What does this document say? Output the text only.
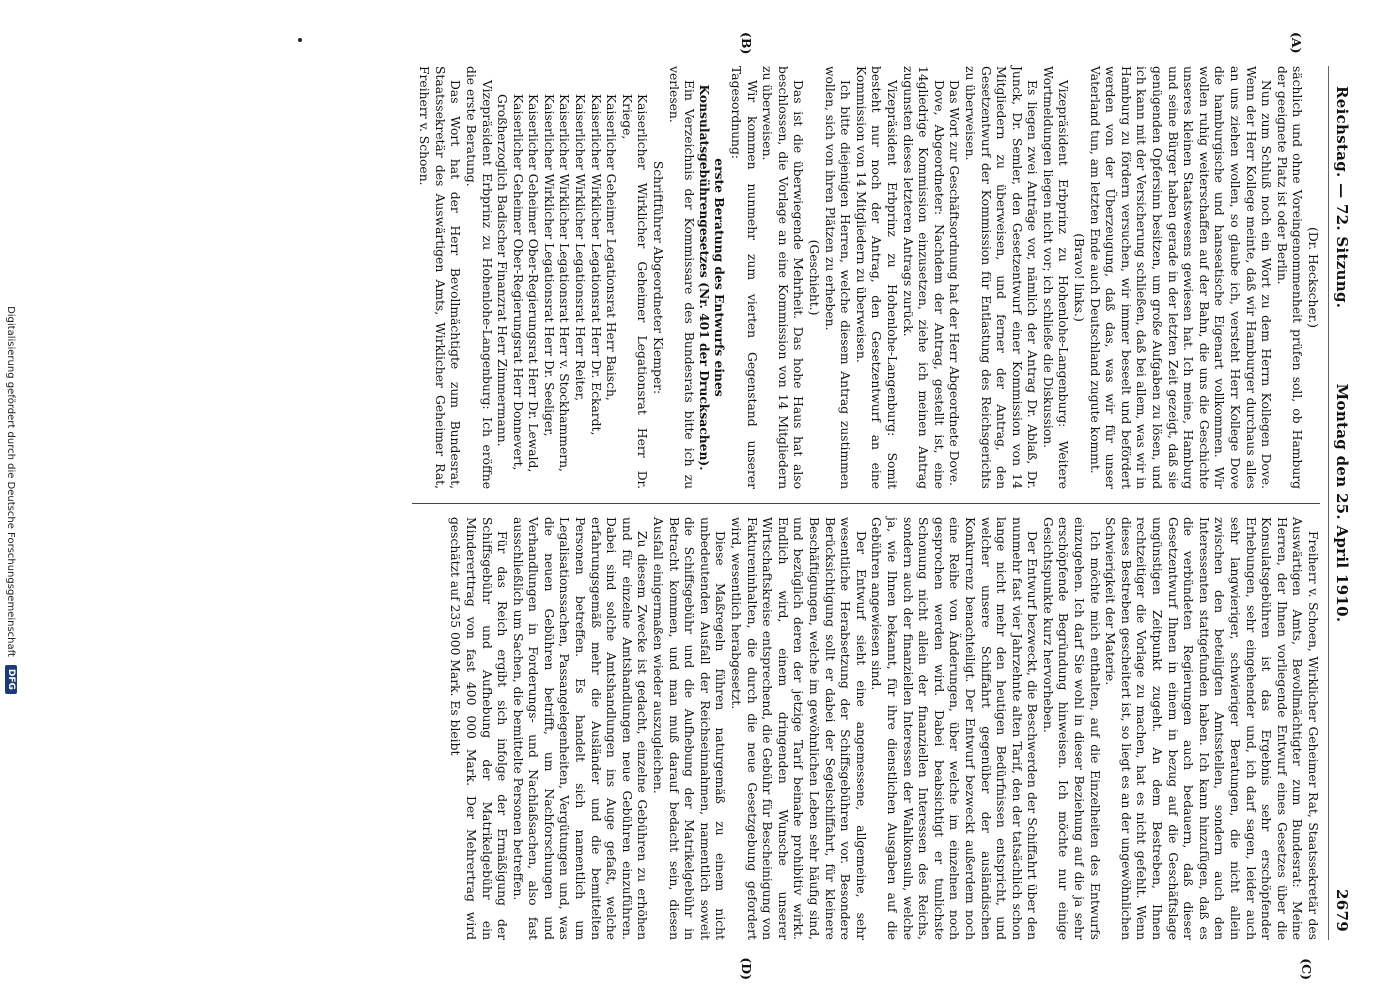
Reichstag. — 72. Sitzung.
Montag den 25. April 1910.
2679
(A)
(B)
(C)
(D)

(Dr. Heckscher.)

sächlich und ohne Voreingenommenheit prüfen soll, ob Hamburg der geeignete Platz ist oder Berlin.

Nun zum Schluß noch ein Wort zu dem Herrn Kollegen Dove. Wenn der Herr Kollege meinte, daß wir Hamburger durchaus alles an uns ziehen wollen, so glaube ich, versteht Herr Kollege Dove die hamburgische und hanseatische Eigenart vollkommen. Wir wollen ruhig weiterschaffen auf der Bahn, die uns die Geschichte unseres kleinen Staatswesens gewiesen hat. Ich meine, Hamburg und seine Bürger haben gerade in der letzten Zeit gezeigt, daß sie genügenden Opfersinn besitzen, um große Aufgaben zu lösen, und ich kann mit der Versicherung schließen, daß bei allem, was wir in Hamburg zu fördern versuchen, wir immer beseelt und befördert werden von der Überzeugung, daß das, was wir für unser Vaterland tun, am letzten Ende auch Deutschland zugute kommt.

(Bravo! links.)

Vizepräsident Erbprinz zu Hohenlohe-Langenburg: Weitere Wortmeldungen liegen nicht vor; ich schließe die Diskussion.

Es liegen zwei Anträge vor, nämlich der Antrag Dr. Ablaß, Dr. Junck, Dr. Semler, den Gesetzentwurf einer Kommission von 14 Mitgliedern zu überweisen, und ferner der Antrag, den Gesetzentwurf der Kommission für Entlastung des Reichsgerichts zu überweisen.

Das Wort zur Geschäftsordnung hat der Herr Abgeordnete Dove.

Dove, Abgeordneter: Nachdem der Antrag, gestellt ist, eine 14gliedrige Kommission einzusetzen, ziehe ich meinen Antrag zugunsten dieses letzteren Antrags zurück.

Vizepräsident Erbprinz zu Hohenlohe-Langenburg: Somit besteht nur noch der Antrag, den Gesetzentwurf an eine Kommission von 14 Mitgliedern zu überweisen.

Ich bitte diejenigen Herren, welche diesem Antrag zustimmen wollen, sich von ihren Plätzen zu erheben.

(Geschieht.)

Das ist die überwiegende Mehrheit. Das hohe Haus hat also beschlossen, die Vorlage an eine Kommission von 14 Mitgliedern zu überweisen.

Wir kommen nunmehr zum vierten Gegenstand unserer Tagesordnung:

erste Beratung des Entwurfs eines Konsulatsgebührengesetzes (Nr. 401 der Drucksachen).

Ein Verzeichnis der Kommissare des Bundesrats bitte ich zu verlesen.

Schriftführer Abgeordneter Kiemper:

Kaiserlicher Wirklicher Geheimer Legationsrat Herr Dr. Kriege,

Kaiserlicher Geheimer Legationsrat Herr Baisch,

Kaiserlicher Wirklicher Legationsrat Herr Dr. Eckardt,

Kaiserlicher Wirklicher Legationsrat Herr Reiter,

Kaiserlicher Wirklicher Legationsrat Herr v. Stockhammern,

Kaiserlicher Wirklicher Legationsrat Herr Dr. Seeliger,

Kaiserlicher Geheimer Ober-Regierungsrat Herr Dr. Lewald,

Kaiserlicher Geheimer Ober-Regierungsrat Herr Donnevert,

Großherzoglich Badischer Finanzrat Herr Zimmermann.

Vizepräsident Erbprinz zu Hohenlohe-Langenburg: Ich eröffne die erste Beratung.

Das Wort hat der Herr Bevollmächtigte zum Bundesrat, Staatssekretär des Auswärtigen Amts, Wirklicher Geheimer Rat, Freiherr v. Schoen.

Freiherr v. Schoen, Wirklicher Geheimer Rat, Staatssekretär des Auswärtigen Amts, Bevollmächtigter zum Bundesrat: Meine Herren, der Ihnen vorliegende Entwurf eines Gesetzes über die Konsulatsgebühren ist das Ergebnis sehr erschöpfender Erhebungen, sehr eingehender und, ich darf sagen, leider auch sehr langwieriger, schwieriger Beratungen, die nicht allein zwischen den beteiligten Amtsstellen, sondern auch den Interessenten stattgefunden haben. Ich kann hinzufügen, daß es die verbündeten Regierungen auch bedauern, daß dieser Gesetzentwurf Ihnen in einem in bezug auf die Geschäftslage ungünstigen Zeitpunkt zugeht. An dem Bestreben, Ihnen rechtzeitiger die Vorlage zu machen, hat es nicht gefehlt. Wenn dieses Bestreben gescheitert ist, so liegt es an der ungewöhnlichen Schwierigkeit der Materie.

Ich möchte mich enthalten, auf die Einzelheiten des Entwurfs einzugehen. Ich darf Sie wohl in dieser Beziehung auf die ja sehr erschöpfende Begründung hinweisen. Ich möchte nur einige Gesichtspunkte kurz hervorheben.

Der Entwurf bezweckt, die Beschwerden der Schiffahrt über den nunmehr fast vier Jahrzehnte alten Tarif, den der tatsächlich schon lange nicht mehr den heutigen Bedürfnissen entspricht, und welcher unsere Schiffahrt gegenüber der ausländischen Konkurrenz benachteiligt. Der Entwurf bezweckt außerdem noch eine Reihe von Änderungen, über welche im einzelnen noch gesprochen werden wird. Dabei beabsichtigt er tunlichste Schonung nicht allein der finanziellen Interessen des Reichs, sondern auch der finanziellen Interessen der Wahlkonsuln, welche ja, wie Ihnen bekannt, für ihre dienstlichen Ausgaben auf die Gebühren angewiesen sind.

Der Entwurf sieht eine angemessene, allgemeine, sehr wesentliche Herabsetzung der Schiffsgebühren vor. Besondere Berücksichtigung sollt er dabei der Segelschiffahrt, für kleinere Beschäftigungen, welche im gewöhnlichen Leben sehr häufig sind, und bezüglich deren der jetzige Tarif beinahe prohibitiv wirkt. Endlich wird, einem dringenden Wunsche unserer Wirtschaftskreise entsprechend, die Gebühr für Bescheinigung von Faktureninhalten, die durch die neue Gesetzgebung gefordert wird, wesentlich herabgesetzt.

Diese Maßregeln führen naturgemäß zu einem nicht unbedeutenden Ausfall der Reichseinnahmen, namentlich soweit die Schiffsgebühr und die Aufhebung der Matrikelgebühr in Betracht kommen, und man muß darauf bedacht sein, diesen Ausfall einigermaßen wieder auszugleichen.

Zu diesem Zwecke ist gedacht, einzelne Gebühren zu erhöhen und für einzelne Amtshandlungen neue Gebühren einzuführen. Dabei sind solche Amtshandlungen ins Auge gefaßt, welche erfahrungsgemäß mehr die Ausländer und die bemittelten Personen betreffen. Es handelt sich namentlich um Legalisationssachen, Passangelegenheiten, Vergütungen und, was die neuen Gebühren betrifft, um Nachforschungen und Verhandlungen in Forderungs- und Nachlaßsachen, also fast ausschließlich um Sachen, die bemittelte Personen betreffen.

Für das Reich ergibt sich infolge der Ermäßigung der Schiffsgebühr und Aufhebung der Matrikelgebühr ein Mindererttrag von fast 400 000 Mark. Der Mehrertrag wird geschätzt auf 235 000 Mark. Es bleibt

Digitalisierung gefördert durch die Deutsche Forschungsgemeinschaft
DFG
